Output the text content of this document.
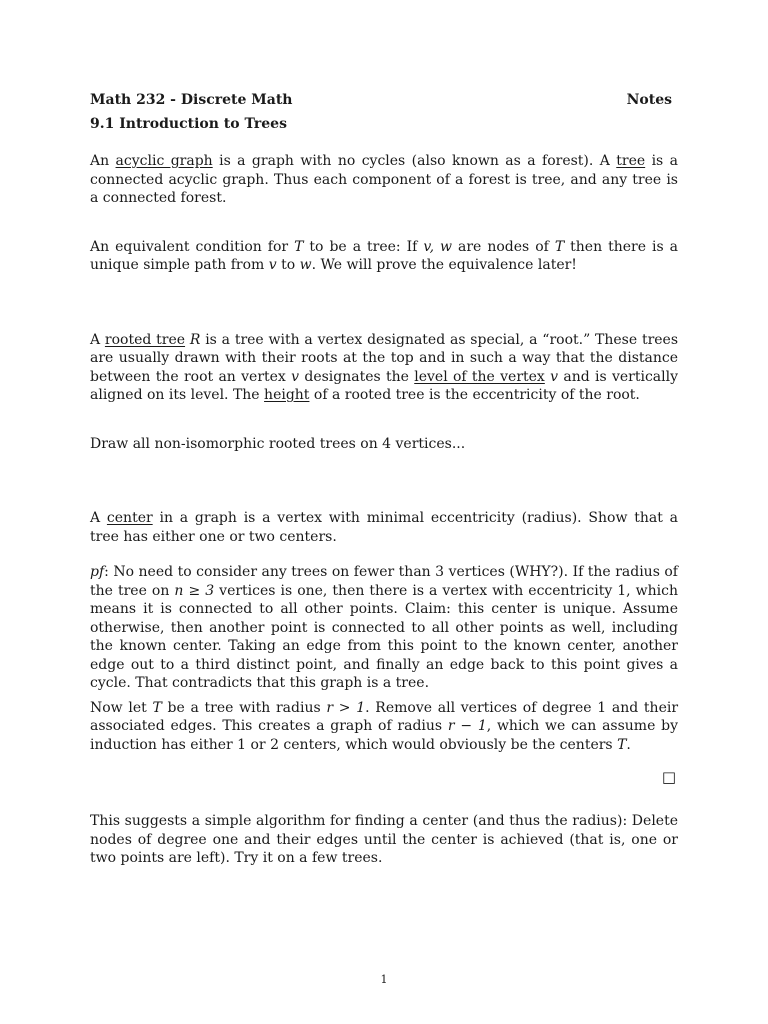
Math 232 - Discrete Math	Notes
9.1 Introduction to Trees

An acyclic graph is a graph with no cycles (also known as a forest). A tree is a connected acyclic graph. Thus each component of a forest is tree, and any tree is a connected forest.

An equivalent condition for T to be a tree: If v, w are nodes of T then there is a unique simple path from v to w. We will prove the equivalence later!

A rooted tree R is a tree with a vertex designated as special, a “root.” These trees are usually drawn with their roots at the top and in such a way that the distance between the root an vertex v designates the level of the vertex v and is vertically aligned on its level. The height of a rooted tree is the eccentricity of the root.

Draw all non-isomorphic rooted trees on 4 vertices...

A center in a graph is a vertex with minimal eccentricity (radius). Show that a tree has either one or two centers.

pf: No need to consider any trees on fewer than 3 vertices (WHY?). If the radius of the tree on n ≥ 3 vertices is one, then there is a vertex with eccentricity 1, which means it is connected to all other points. Claim: this center is unique. Assume otherwise, then another point is connected to all other points as well, including the known center. Taking an edge from this point to the known center, another edge out to a third distinct point, and finally an edge back to this point gives a cycle. That contradicts that this graph is a tree.

Now let T be a tree with radius r > 1. Remove all vertices of degree 1 and their associated edges. This creates a graph of radius r − 1, which we can assume by induction has either 1 or 2 centers, which would obviously be the centers T.

□

This suggests a simple algorithm for finding a center (and thus the radius): Delete nodes of degree one and their edges until the center is achieved (that is, one or two points are left). Try it on a few trees.

1
